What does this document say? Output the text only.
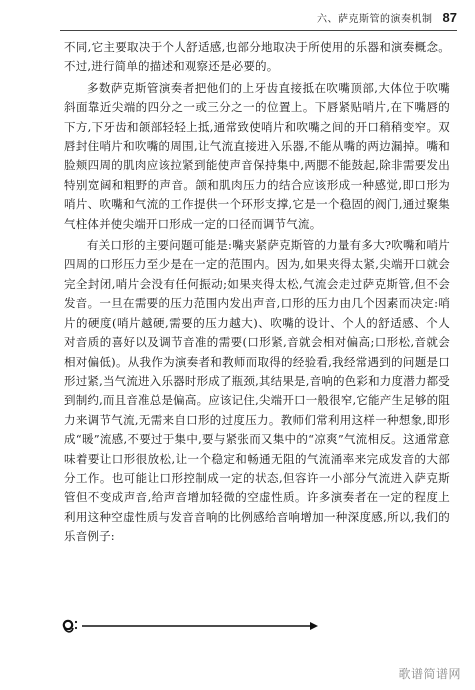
六、萨克斯管的演奏机制 87

不同,它主要取决于个人舒适感,也部分地取决于所使用的乐器和演奏概念。不过,进行简单的描述和观察还是必要的。

多数萨克斯管演奏者把他们的上牙齿直接抵在吹嘴顶部,大体位于吹嘴斜面靠近尖端的四分之一或三分之一的位置上。下唇紧贴哨片,在下嘴唇的下方,下牙齿和颌部轻轻上抵,通常致使哨片和吹嘴之间的开口稍稍变窄。双唇封住哨片和吹嘴的周围,让气流直接进入乐器,不能从嘴的两边漏掉。嘴和脸颊四周的肌肉应该拉紧到能使声音保持集中,两腮不能鼓起,除非需要发出特别宽阔和粗野的声音。颌和肌肉压力的结合应该形成一种感觉,即口形为哨片、吹嘴和气流的工作提供一个环形支撑,它是一个稳固的阀门,通过聚集气柱体并使尖端开口形成一定的口径而调节气流。

有关口形的主要问题可能是:嘴夹紧萨克斯管的力量有多大?吹嘴和哨片四周的口形压力至少是在一定的范围内。因为,如果夹得太紧,尖端开口就会完全封闭,哨片会没有任何振动;如果夹得太松,气流会走过萨克斯管,但不会发音。一旦在需要的压力范围内发出声音,口形的压力由几个因素而决定:哨片的硬度(哨片越硬,需要的压力越大)、吹嘴的设计、个人的舒适感、个人对音质的喜好以及调节音准的需要(口形紧,音就会相对偏高;口形松,音就会相对偏低)。从我作为演奏者和教师而取得的经验看,我经常遇到的问题是口形过紧,当气流进入乐器时形成了瓶颈,其结果是,音响的色彩和力度潜力都受到制约,而且音准总是偏高。应该记住,尖端开口一般很窄,它能产生足够的阻力来调节气流,无需来自口形的过度压力。教师们常利用这样一种想象,即形成“暖”流感,不要过于集中,要与紧张而又集中的“凉爽”气流相反。这通常意味着要让口形很放松,让一个稳定和畅通无阻的气流涌率来完成发音的大部分工作。也可能让口形控制成一定的状态,但容许一小部分气流进入萨克斯管但不变成声音,给声音增加轻微的空虚性质。许多演奏者在一定的程度上利用这种空虚性质与发音音响的比例感给音响增加一种深度感,所以,我们的乐音例子:

歌谱简谱网
